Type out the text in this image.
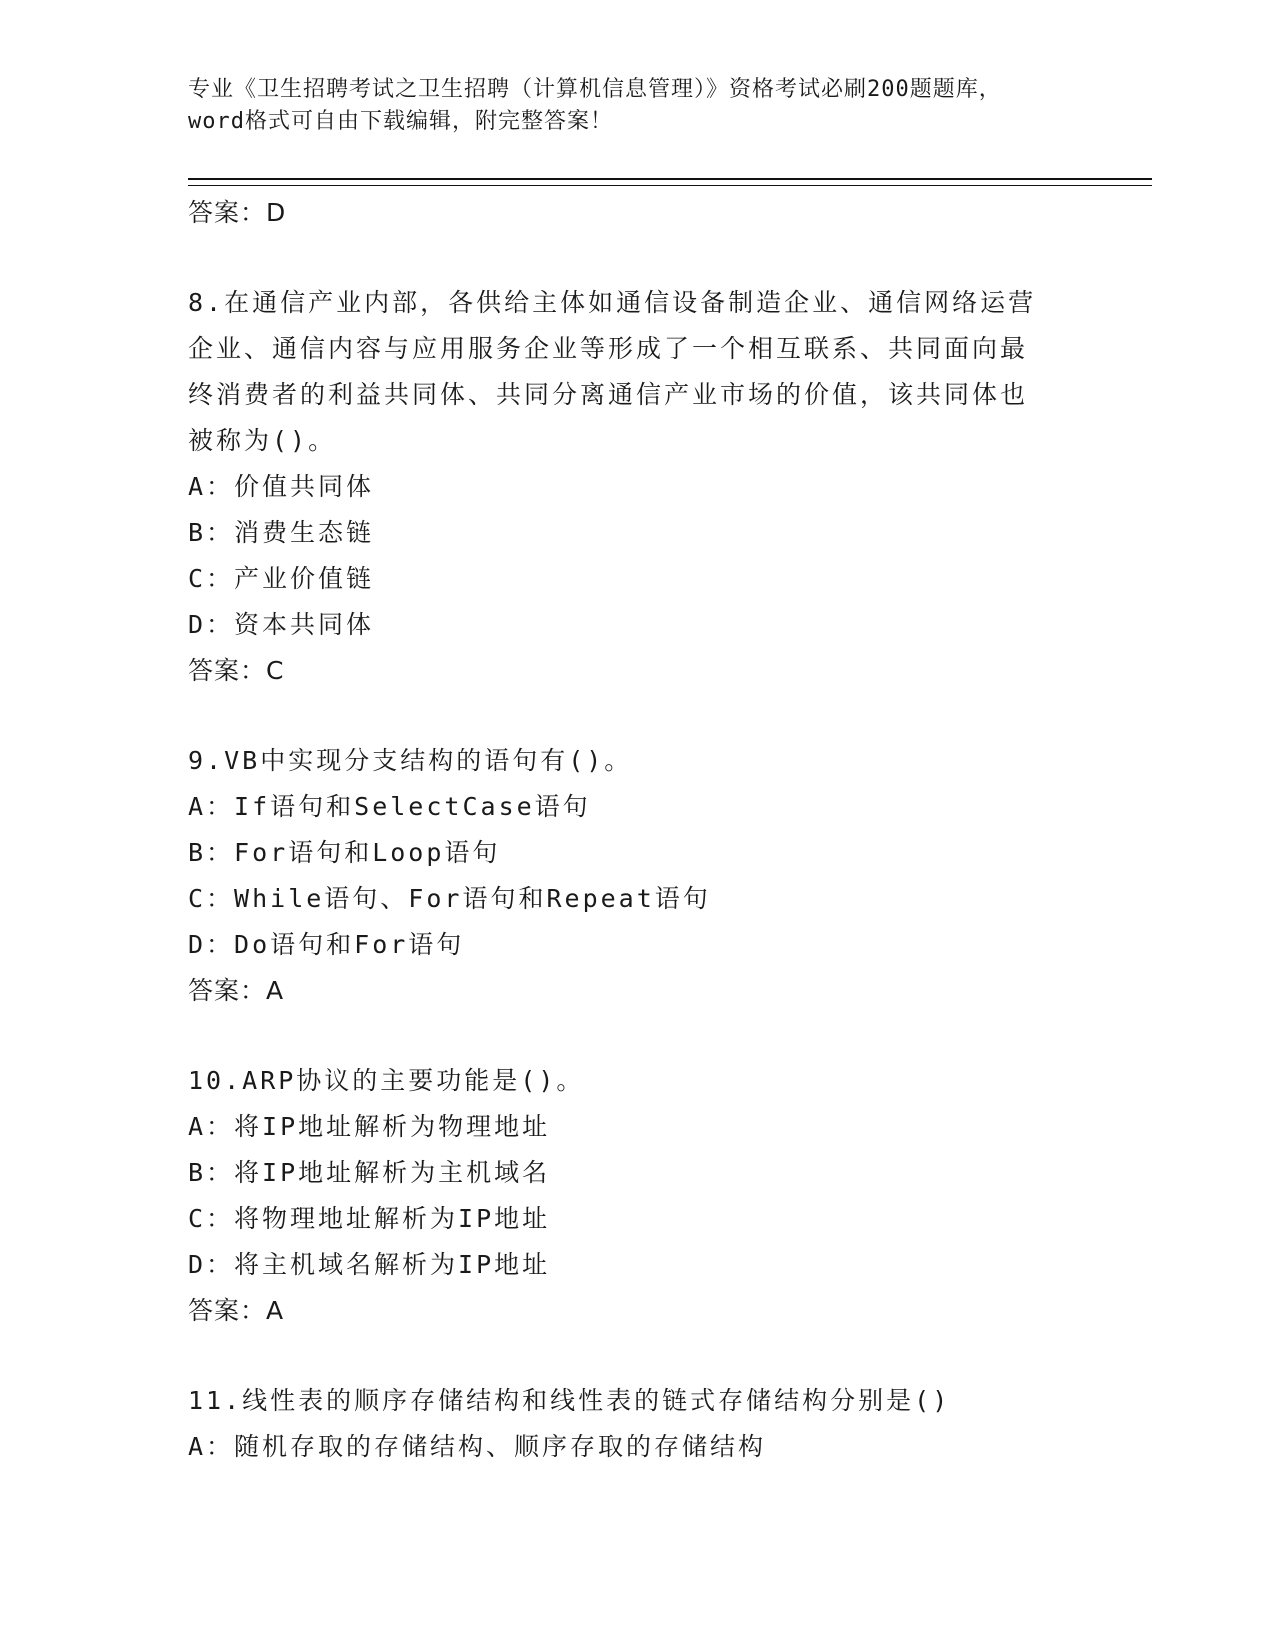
专业《卫生招聘考试之卫生招聘（计算机信息管理）》资格考试必刷200题题库，
word格式可自由下载编辑，附完整答案！
答案：D
8.在通信产业内部，各供给主体如通信设备制造企业、通信网络运营
企业、通信内容与应用服务企业等形成了一个相互联系、共同面向最
终消费者的利益共同体、共同分离通信产业市场的价值，该共同体也
被称为()。
A：价值共同体
B：消费生态链
C：产业价值链
D：资本共同体
答案：C
9.VB中实现分支结构的语句有()。
A：If语句和SelectCase语句
B：For语句和Loop语句
C：While语句、For语句和Repeat语句
D：Do语句和For语句
答案：A
10.ARP协议的主要功能是()。
A：将IP地址解析为物理地址
B：将IP地址解析为主机域名
C：将物理地址解析为IP地址
D：将主机域名解析为IP地址
答案：A
11.线性表的顺序存储结构和线性表的链式存储结构分别是()
A：随机存取的存储结构、顺序存取的存储结构
